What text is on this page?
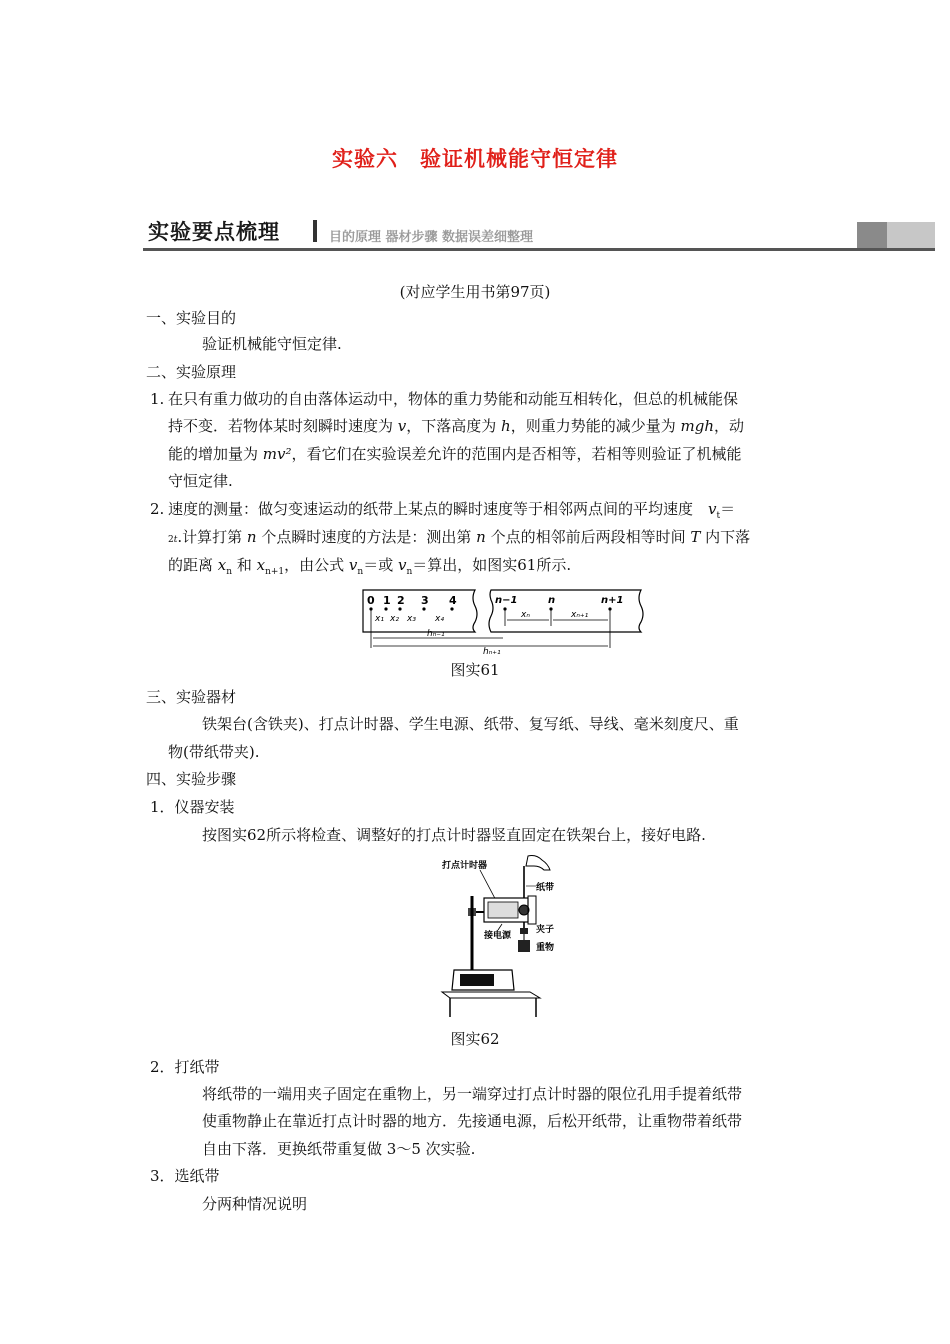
实验六　验证机械能守恒定律
实验要点梳理	目的原理 器材步骤 数据误差细整理
(对应学生用书第97页)
一、实验目的
验证机械能守恒定律.
二、实验原理
1. 在只有重力做功的自由落体运动中，物体的重力势能和动能互相转化，但总的机械能保
持不变．若物体某时刻瞬时速度为 v，下落高度为 h，则重力势能的减少量为 mgh，动
能的增加量为 mv²，看它们在实验误差允许的范围内是否相等，若相等则验证了机械能
守恒定律.
2. 速度的测量：做匀变速运动的纸带上某点的瞬时速度等于相邻两点间的平均速度　$v_t=$
2t.计算打第 n 个点瞬时速度的方法是：测出第 n 个点的相邻前后两段相等时间 T 内下落
的距离 $x_n$ 和 $x_{n+1}$，由公式 $v_n=$或 $v_n=$算出，如图实61所示.
0 1 2 3 4
x₁ x₂ x₃ x₄
n−1	n	n+1
xₙ	xₙ₊₁
hₙ₋₁
hₙ₊₁
图实61
三、实验器材
铁架台(含铁夹)、打点计时器、学生电源、纸带、复写纸、导线、毫米刻度尺、重
物(带纸带夹).
四、实验步骤
1．仪器安装
按图实62所示将检查、调整好的打点计时器竖直固定在铁架台上，接好电路.
打点计时器
纸带
夹子
接电源
重物
图实62
2．打纸带
将纸带的一端用夹子固定在重物上，另一端穿过打点计时器的限位孔用手提着纸带
使重物静止在靠近打点计时器的地方．先接通电源，后松开纸带，让重物带着纸带
自由下落．更换纸带重复做 3～5 次实验.
3．选纸带
分两种情况说明
